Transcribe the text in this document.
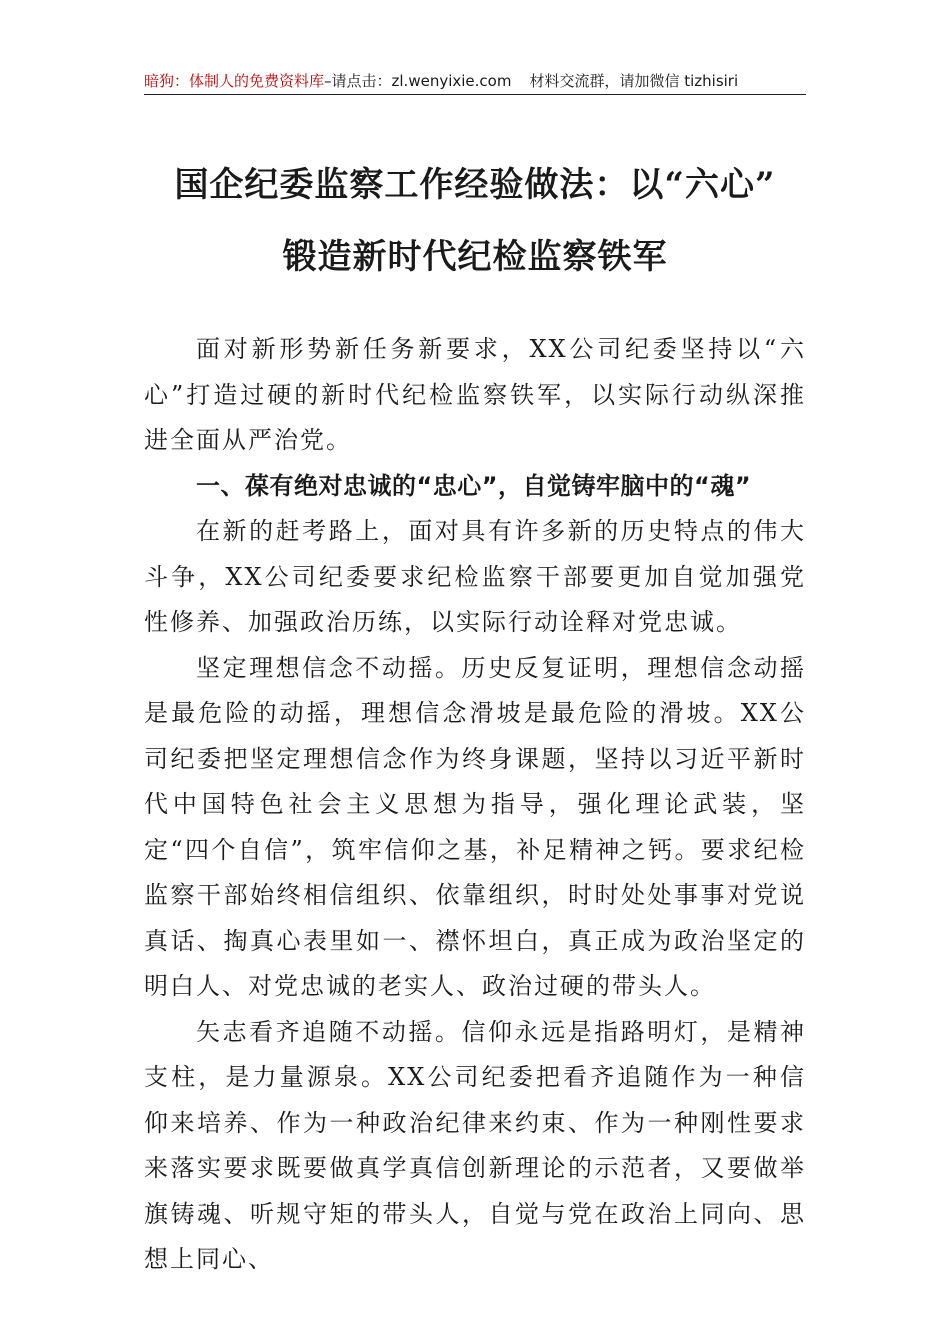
暗狗：体制人的免费资料库–请点击：zl.wenyixie.com 材料交流群，请加微信 tizhisiri
国企纪委监察工作经验做法：以“六心”
锻造新时代纪检监察铁军

面对新形势新任务新要求，XX公司纪委坚持以“六心”打造过硬的新时代纪检监察铁军，以实际行动纵深推进全面从严治党。

一、葆有绝对忠诚的“忠心”，自觉铸牢脑中的“魂”

在新的赶考路上，面对具有许多新的历史特点的伟大斗争，XX公司纪委要求纪检监察干部要更加自觉加强党性修养、加强政治历练，以实际行动诠释对党忠诚。

坚定理想信念不动摇。历史反复证明，理想信念动摇是最危险的动摇，理想信念滑坡是最危险的滑坡。XX公司纪委把坚定理想信念作为终身课题，坚持以习近平新时代中国特色社会主义思想为指导，强化理论武装，坚定“四个自信”，筑牢信仰之基，补足精神之钙。要求纪检监察干部始终相信组织、依靠组织，时时处处事事对党说真话、掏真心表里如一、襟怀坦白，真正成为政治坚定的明白人、对党忠诚的老实人、政治过硬的带头人。

矢志看齐追随不动摇。信仰永远是指路明灯，是精神支柱，是力量源泉。XX公司纪委把看齐追随作为一种信仰来培养、作为一种政治纪律来约束、作为一种刚性要求来落实要求既要做真学真信创新理论的示范者，又要做举旗铸魂、听规守矩的带头人，自觉与党在政治上同向、思想上同心、
